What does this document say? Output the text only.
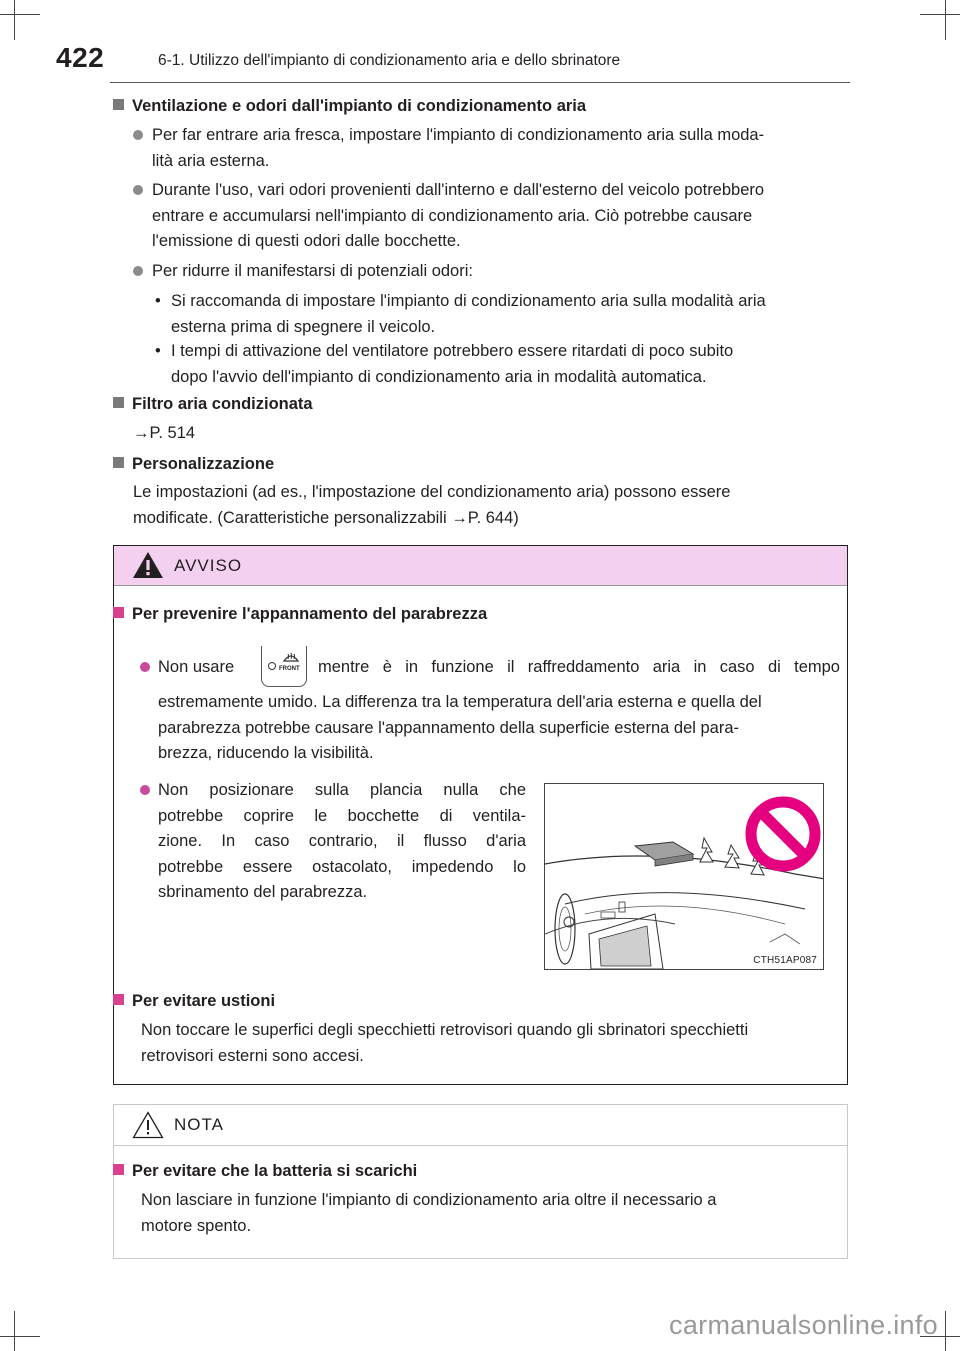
422	6-1. Utilizzo dell'impianto di condizionamento aria e dello sbrinatore
Ventilazione e odori dall'impianto di condizionamento aria
Per far entrare aria fresca, impostare l'impianto di condizionamento aria sulla moda-
lità aria esterna.
Durante l'uso, vari odori provenienti dall'interno e dall'esterno del veicolo potrebbero
entrare e accumularsi nell'impianto di condizionamento aria. Ciò potrebbe causare
l'emissione di questi odori dalle bocchette.
Per ridurre il manifestarsi di potenziali odori:
• Si raccomanda di impostare l'impianto di condizionamento aria sulla modalità aria
esterna prima di spegnere il veicolo.
• I tempi di attivazione del ventilatore potrebbero essere ritardati di poco subito
dopo l'avvio dell'impianto di condizionamento aria in modalità automatica.
Filtro aria condizionata
→P. 514
Personalizzazione
Le impostazioni (ad es., l'impostazione del condizionamento aria) possono essere
modificate. (Caratteristiche personalizzabili →P. 644)
AVVISO
Per prevenire l'appannamento del parabrezza
Non usare	FRONT mentre è in funzione il raffreddamento aria in caso di tempo
estremamente umido. La differenza tra la temperatura dell'aria esterna e quella del
parabrezza potrebbe causare l'appannamento della superficie esterna del para-
brezza, riducendo la visibilità.
Non posizionare sulla plancia nulla che
potrebbe coprire le bocchette di ventila-
zione. In caso contrario, il flusso d'aria
potrebbe essere ostacolato, impedendo lo
sbrinamento del parabrezza.
CTH51AP087
Per evitare ustioni
Non toccare le superfici degli specchietti retrovisori quando gli sbrinatori specchietti
retrovisori esterni sono accesi.
NOTA
Per evitare che la batteria si scarichi
Non lasciare in funzione l'impianto di condizionamento aria oltre il necessario a
motore spento.
carmanualsonline.info
